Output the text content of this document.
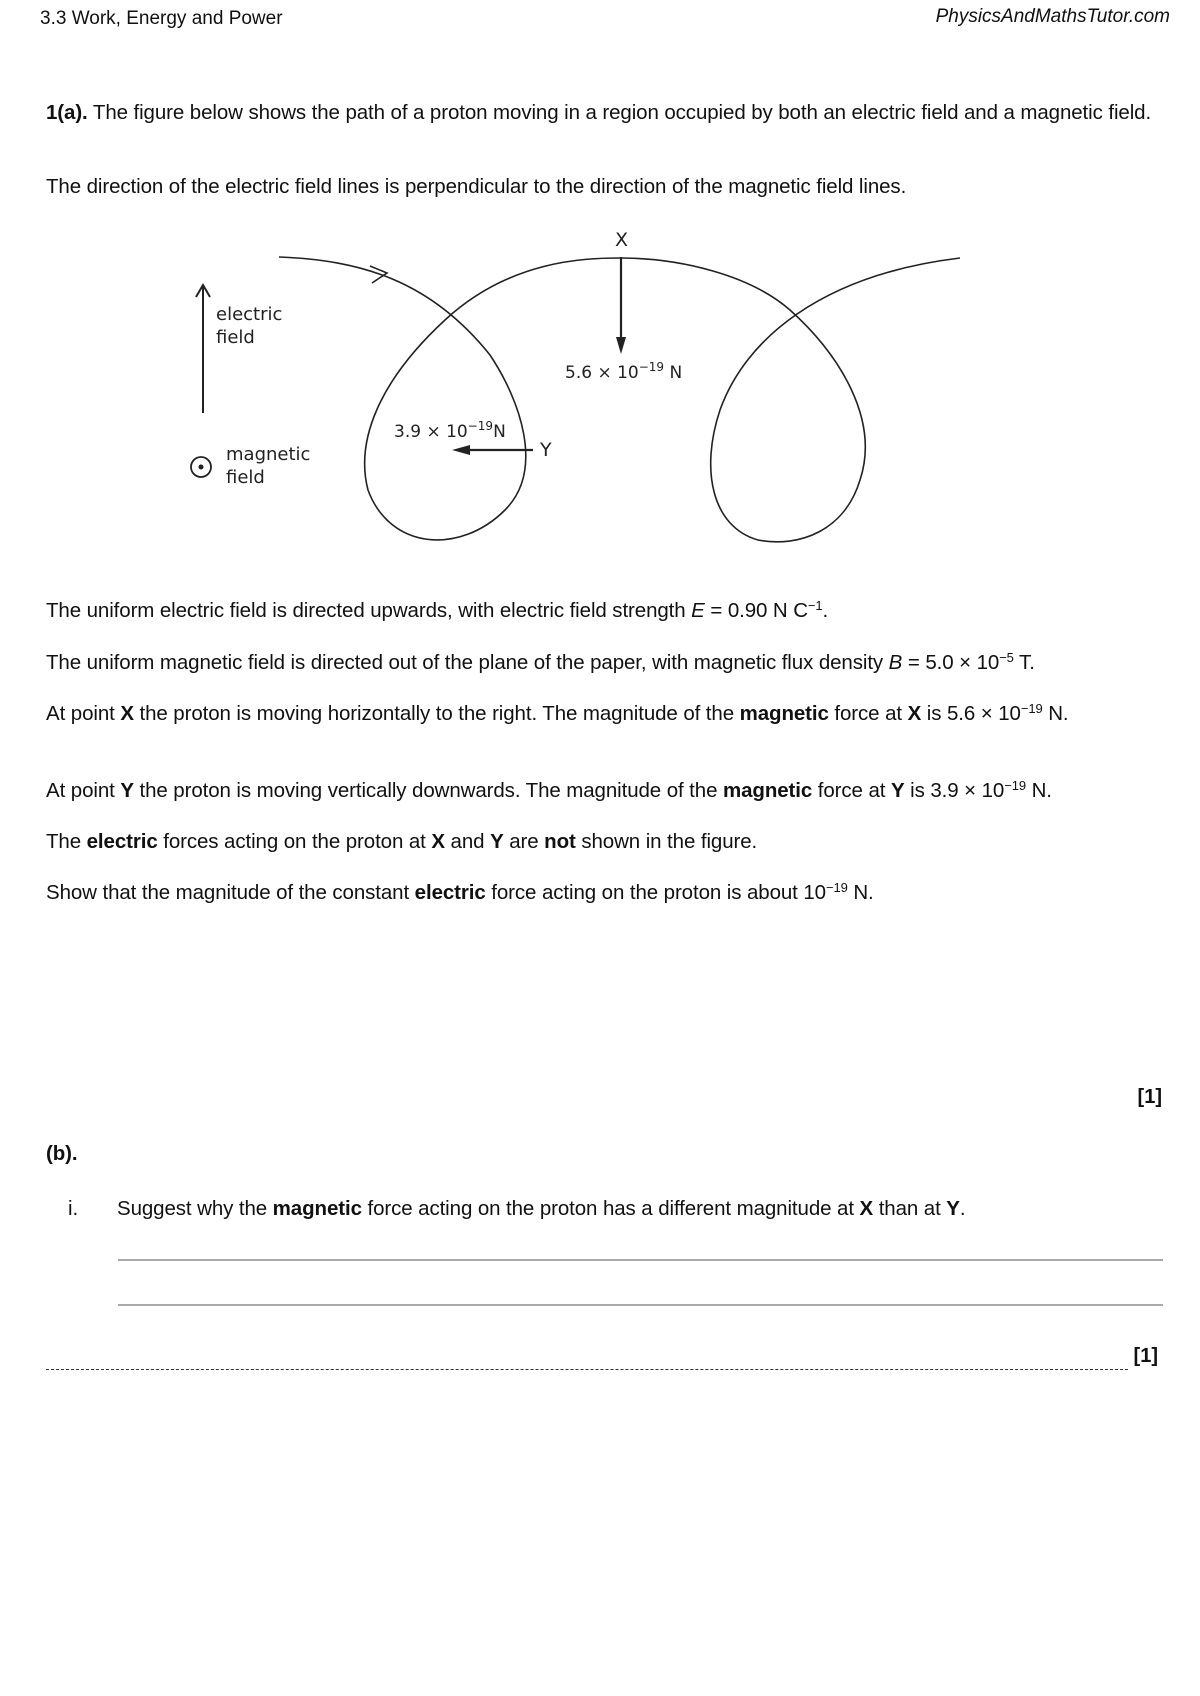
3.3 Work, Energy and Power	PhysicsAndMathsTutor.com
1(a). The figure below shows the path of a proton moving in a region occupied by both an electric field and a magnetic field.
The direction of the electric field lines is perpendicular to the direction of the magnetic field lines.
electric
field
magnetic
field
X
$5.6 \times 10^{-19}$ N
Y
$3.9 \times 10^{-19}N$
The uniform electric field is directed upwards, with electric field strength E = 0.90 N $C^{-1}$.
The uniform magnetic field is directed out of the plane of the paper, with magnetic flux density $B = 5.0 \times 10^{-5}$ T.
At point X the proton is moving horizontally to the right. The magnitude of the magnetic force at X is $5.6 \times 10^{-19}$ N.
At point Y the proton is moving vertically downwards. The magnitude of the magnetic force at Y is $3.9 \times 10^{-19}$ N.
The electric forces acting on the proton at X and Y are not shown in the figure.
Show that the magnitude of the constant electric force acting on the proton is about $10^{-19}$ N.
[1]
(b).
i.	Suggest why the magnetic force acting on the proton has a different magnitude at X than at Y.
[1]
